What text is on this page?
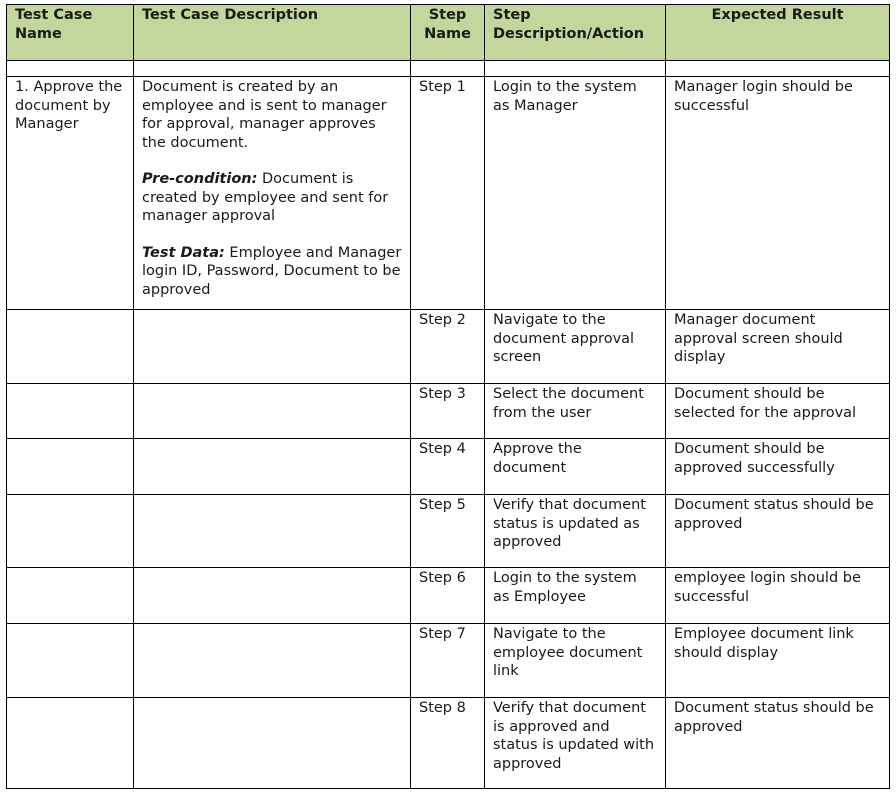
Test Case Name	Test Case Description	Step Name	Step Description/Action	Expected Result

1. Approve the document by Manager	Document is created by an employee and is sent to manager for approval, manager approves the document.
Pre-condition: Document is created by employee and sent for manager approval
Test Data: Employee and Manager login ID, Password, Document to be approved	Step 1	Login to the system as Manager	Manager login should be successful
		Step 2	Navigate to the document approval screen	Manager document approval screen should display
		Step 3	Select the document from the user	Document should be selected for the approval
		Step 4	Approve the document	Document should be approved successfully
		Step 5	Verify that document status is updated as approved	Document status should be approved
		Step 6	Login to the system as Employee	employee login should be successful
		Step 7	Navigate to the employee document link	Employee document link should display
		Step 8	Verify that document is approved and status is updated with approved	Document status should be approved
